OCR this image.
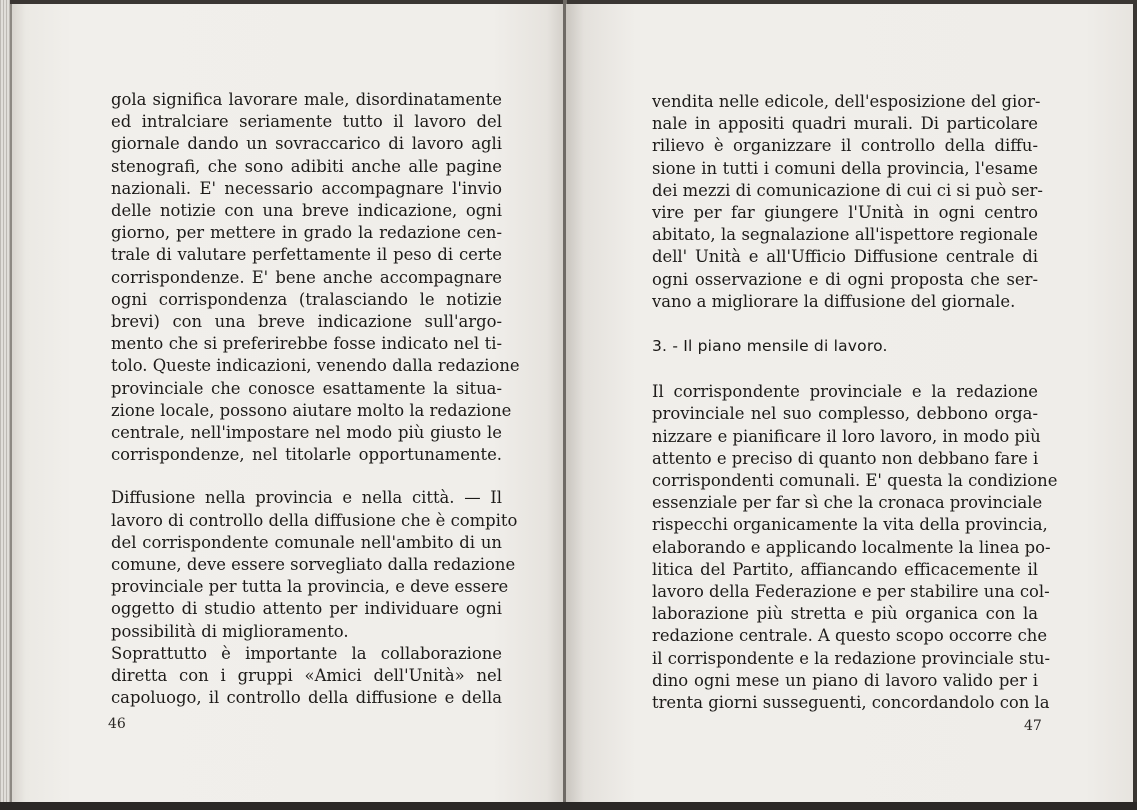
gola significa lavorare male, disordinatamente
ed intralciare seriamente tutto il lavoro del
giornale dando un sovraccarico di lavoro agli
stenografi, che sono adibiti anche alle pagine
nazionali. E' necessario accompagnare l'invio
delle notizie con una breve indicazione, ogni
giorno, per mettere in grado la redazione cen-
trale di valutare perfettamente il peso di certe
corrispondenze. E' bene anche accompagnare
ogni corrispondenza (tralasciando le notizie
brevi) con una breve indicazione sull'argo-
mento che si preferirebbe fosse indicato nel ti-
tolo. Queste indicazioni, venendo dalla redazione
provinciale che conosce esattamente la situa-
zione locale, possono aiutare molto la redazione
centrale, nell'impostare nel modo più giusto le
corrispondenze, nel titolarle opportunamente.
Diffusione nella provincia e nella città. — Il
lavoro di controllo della diffusione che è compito
del corrispondente comunale nell'ambito di un
comune, deve essere sorvegliato dalla redazione
provinciale per tutta la provincia, e deve essere
oggetto di studio attento per individuare ogni
possibilità di miglioramento.
Soprattutto è importante la collaborazione
diretta con i gruppi «Amici dell'Unità» nel
capoluogo, il controllo della diffusione e della
46
vendita nelle edicole, dell'esposizione del gior-
nale in appositi quadri murali. Di particolare
rilievo è organizzare il controllo della diffu-
sione in tutti i comuni della provincia, l'esame
dei mezzi di comunicazione di cui ci si può ser-
vire per far giungere l'Unità in ogni centro
abitato, la segnalazione all'ispettore regionale
dell' Unità e all'Ufficio Diffusione centrale di
ogni osservazione e di ogni proposta che ser-
vano a migliorare la diffusione del giornale.
3. - Il piano mensile di lavoro.
Il corrispondente provinciale e la redazione
provinciale nel suo complesso, debbono orga-
nizzare e pianificare il loro lavoro, in modo più
attento e preciso di quanto non debbano fare i
corrispondenti comunali. E' questa la condizione
essenziale per far sì che la cronaca provinciale
rispecchi organicamente la vita della provincia,
elaborando e applicando localmente la linea po-
litica del Partito, affiancando efficacemente il
lavoro della Federazione e per stabilire una col-
laborazione più stretta e più organica con la
redazione centrale. A questo scopo occorre che
il corrispondente e la redazione provinciale stu-
dino ogni mese un piano di lavoro valido per i
trenta giorni susseguenti, concordandolo con la
47
